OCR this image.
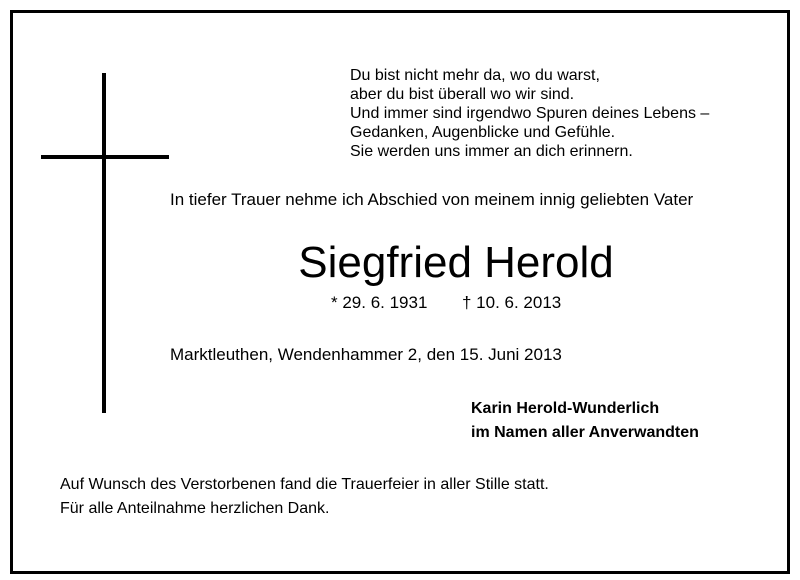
Du bist nicht mehr da, wo du warst,
aber du bist überall wo wir sind.
Und immer sind irgendwo Spuren deines Lebens –
Gedanken, Augenblicke und Gefühle.
Sie werden uns immer an dich erinnern.
In tiefer Trauer nehme ich Abschied von meinem innig geliebten Vater
Siegfried Herold
* 29. 6. 1931 † 10. 6. 2013
Marktleuthen, Wendenhammer 2, den 15. Juni 2013
Karin Herold-Wunderlich
im Namen aller Anverwandten
Auf Wunsch des Verstorbenen fand die Trauerfeier in aller Stille statt.
Für alle Anteilnahme herzlichen Dank.
